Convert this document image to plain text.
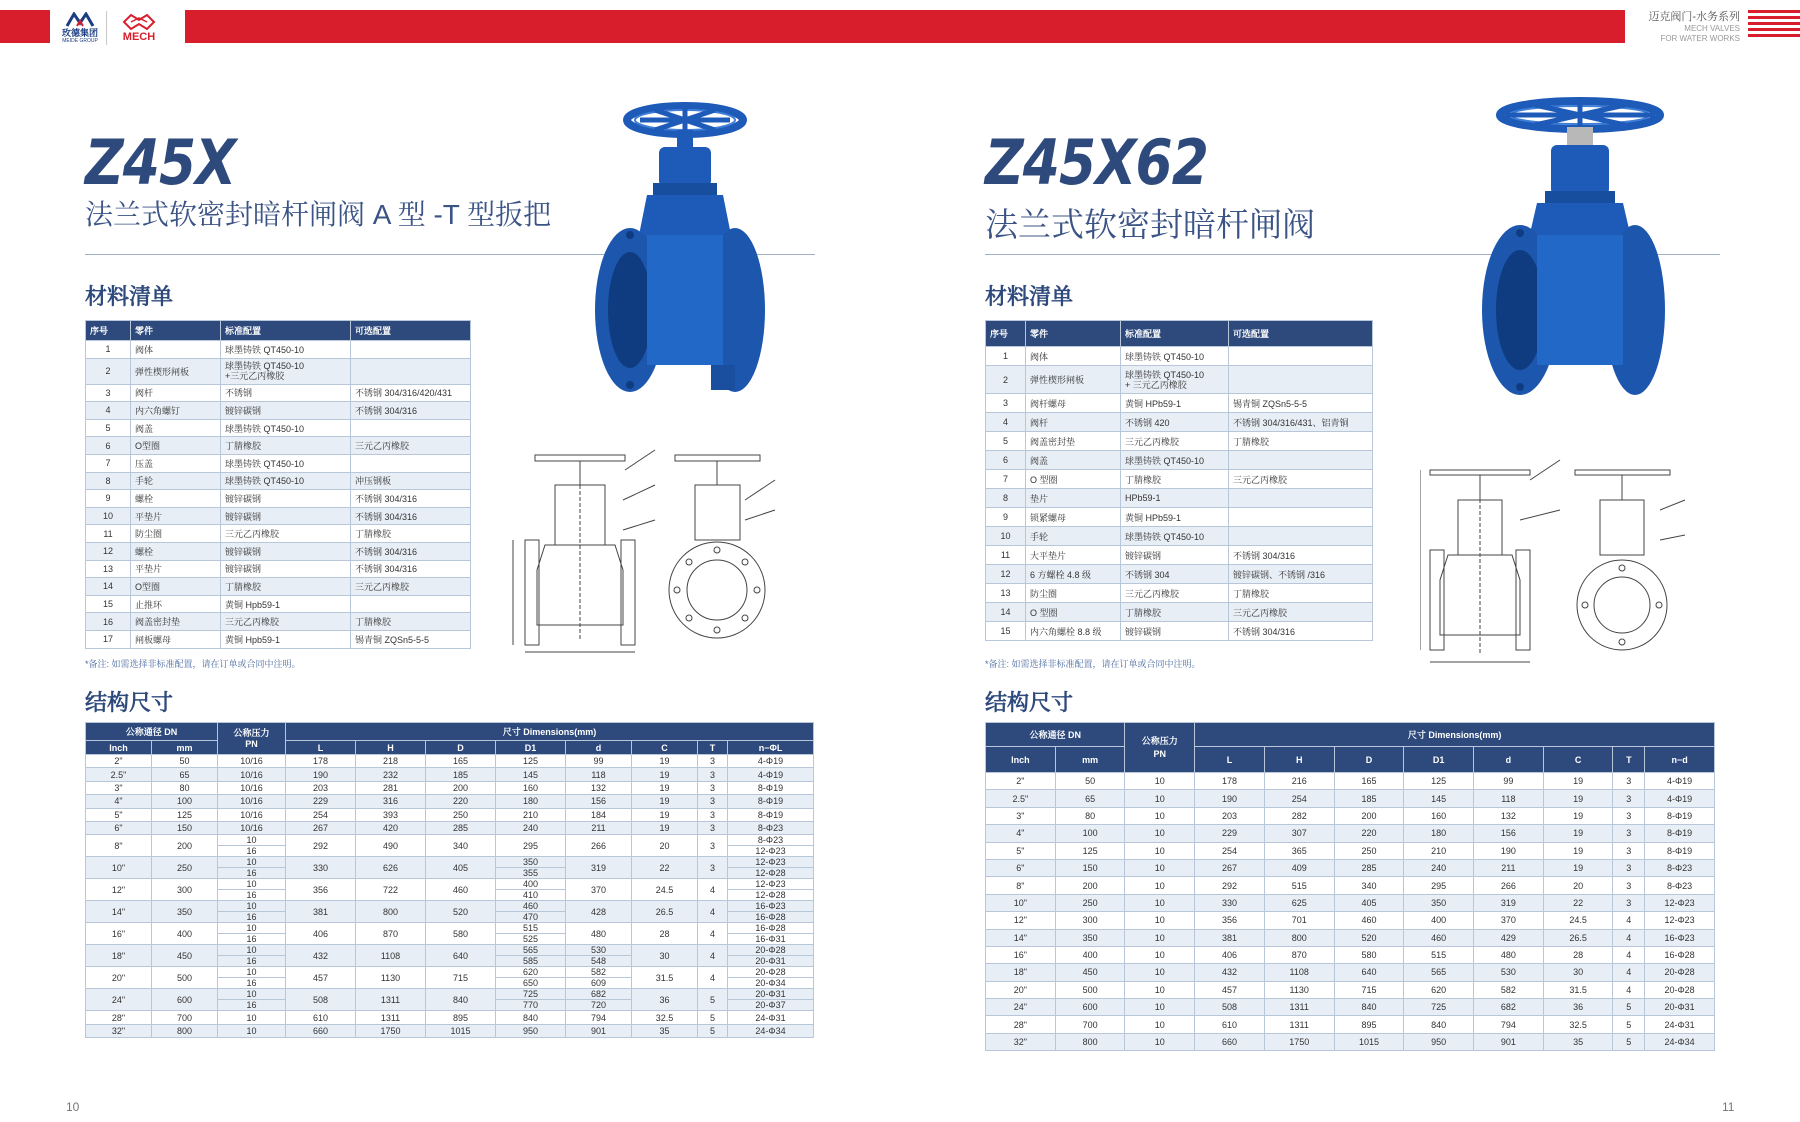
玫德集团
MEIDE GROUP MECH
迈克阀门-水务系列
MECH VALVES
FOR WATER WORKS
Z45X
法兰式软密封暗杆闸阀 A 型 -T 型扳把
材料清单
序号	零件	标准配置	可选配置
1	阀体	球墨铸铁 QT450-10	
2	弹性楔形闸板	球墨铸铁 QT450-10
+三元乙丙橡胶	
3	阀杆	不锈钢	不锈钢 304/316/420/431
4	内六角螺钉	镀锌碳钢	不锈钢 304/316
5	阀盖	球墨铸铁 QT450-10	
6	O型圈	丁腈橡胶	三元乙丙橡胶
7	压盖	球墨铸铁 QT450-10	
8	手轮	球墨铸铁 QT450-10	冲压钢板
9	螺栓	镀锌碳钢	不锈钢 304/316
10	平垫片	镀锌碳钢	不锈钢 304/316
11	防尘圈	三元乙丙橡胶	丁腈橡胶
12	螺栓	镀锌碳钢	不锈钢 304/316
13	平垫片	镀锌碳钢	不锈钢 304/316
14	O型圈	丁腈橡胶	三元乙丙橡胶
15	止推环	黄铜 Hpb59-1	
16	阀盖密封垫	三元乙丙橡胶	丁腈橡胶
17	闸板螺母	黄铜 Hpb59-1	锡青铜 ZQSn5-5-5
*备注: 如需选择非标准配置，请在订单或合同中注明。
结构尺寸
公称通径 DN		公称压力
PN	尺寸 Dimensions(mm)							
Inch	mm		L	H	D	D1	d	C	T	n−ΦL
2"	50	10/16	178	218	165	125	99	19	3	4-Φ19
2.5"	65	10/16	190	232	185	145	118	19	3	4-Φ19
3"	80	10/16	203	281	200	160	132	19	3	8-Φ19
4"	100	10/16	229	316	220	180	156	19	3	8-Φ19
5"	125	10/16	254	393	250	210	184	19	3	8-Φ19
6"	150	10/16	267	420	285	240	211	19	3	8-Φ23
8"	200	10	292	490	340	295	266	20	3	8-Φ23
		16								12-Φ23
10"	250	10	330	626	405	350	319	22	3	12-Φ23
		16				355				12-Φ28
12"	300	10	356	722	460	400	370	24.5	4	12-Φ23
		16				410				12-Φ28
14"	350	10	381	800	520	460	428	26.5	4	16-Φ23
		16				470				16-Φ28
16"	400	10	406	870	580	515	480	28	4	16-Φ28
		16				525				16-Φ31
18"	450	10	432	1108	640	565	530	30	4	20-Φ28
		16				585	548			20-Φ31
20"	500	10	457	1130	715	620	582	31.5	4	20-Φ28
		16				650	609			20-Φ34
24"	600	10	508	1311	840	725	682	36	5	20-Φ31
		16				770	720			20-Φ37
28"	700	10	610	1311	895	840	794	32.5	5	24-Φ31
32"	800	10	660	1750	1015	950	901	35	5	24-Φ34
10
Z45X62
法兰式软密封暗杆闸阀
材料清单
序号	零件	标准配置	可选配置
1	阀体	球墨铸铁 QT450-10	
2	弹性楔形闸板	球墨铸铁 QT450-10
+ 三元乙丙橡胶	
3	阀杆螺母	黄铜 HPb59-1	锡青铜 ZQSn5-5-5
4	阀杆	不锈钢 420	不锈钢 304/316/431、铝青铜
5	阀盖密封垫	三元乙丙橡胶	丁腈橡胶
6	阀盖	球墨铸铁 QT450-10	
7	O 型圈	丁腈橡胶	三元乙丙橡胶
8	垫片	HPb59-1	
9	锁紧螺母	黄铜 HPb59-1	
10	手轮	球墨铸铁 QT450-10	
11	大平垫片	镀锌碳钢	不锈钢 304/316
12	6 方螺栓 4.8 级	不锈钢 304	镀锌碳钢、不锈钢 /316
13	防尘圈	三元乙丙橡胶	丁腈橡胶
14	O 型圈	丁腈橡胶	三元乙丙橡胶
15	内六角螺栓 8.8 级	镀锌碳钢	不锈钢 304/316
*备注: 如需选择非标准配置，请在订单或合同中注明。
结构尺寸
公称通径 DN		公称压力
PN	尺寸 Dimensions(mm)							
Inch	mm		L	H	D	D1	d	C	T	n−d
2"	50	10	178	216	165	125	99	19	3	4-Φ19
2.5"	65	10	190	254	185	145	118	19	3	4-Φ19
3"	80	10	203	282	200	160	132	19	3	8-Φ19
4"	100	10	229	307	220	180	156	19	3	8-Φ19
5"	125	10	254	365	250	210	190	19	3	8-Φ19
6"	150	10	267	409	285	240	211	19	3	8-Φ23
8"	200	10	292	515	340	295	266	20	3	8-Φ23
10"	250	10	330	625	405	350	319	22	3	12-Φ23
12"	300	10	356	701	460	400	370	24.5	4	12-Φ23
14"	350	10	381	800	520	460	429	26.5	4	16-Φ23
16"	400	10	406	870	580	515	480	28	4	16-Φ28
18"	450	10	432	1108	640	565	530	30	4	20-Φ28
20"	500	10	457	1130	715	620	582	31.5	4	20-Φ28
24"	600	10	508	1311	840	725	682	36	5	20-Φ31
28"	700	10	610	1311	895	840	794	32.5	5	24-Φ31
32"	800	10	660	1750	1015	950	901	35	5	24-Φ34
11
